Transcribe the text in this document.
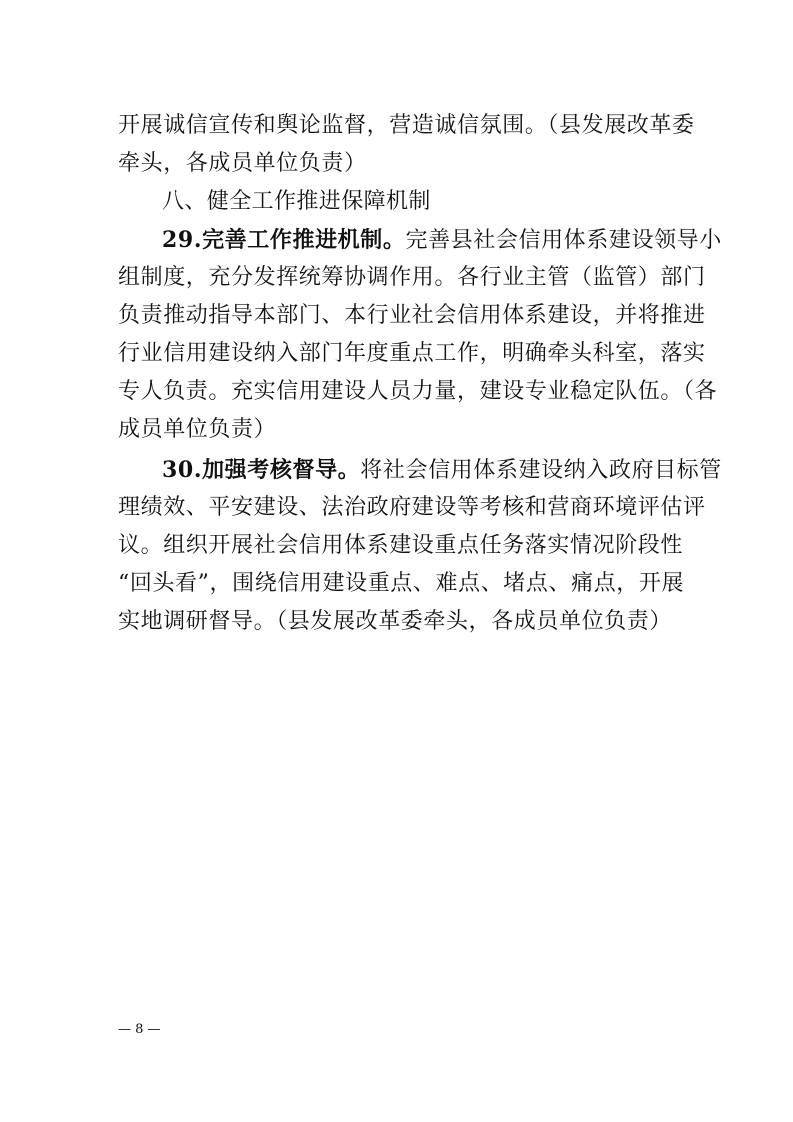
开展诚信宣传和舆论监督，营造诚信氛围。（县发展改革委
牵头，各成员单位负责）
八、健全工作推进保障机制
29.完善工作推进机制。完善县社会信用体系建设领导小
组制度，充分发挥统筹协调作用。各行业主管（监管）部门
负责推动指导本部门、本行业社会信用体系建设，并将推进
行业信用建设纳入部门年度重点工作，明确牵头科室，落实
专人负责。充实信用建设人员力量，建设专业稳定队伍。（各
成员单位负责）
30.加强考核督导。将社会信用体系建设纳入政府目标管
理绩效、平安建设、法治政府建设等考核和营商环境评估评
议。组织开展社会信用体系建设重点任务落实情况阶段性
“回头看”，围绕信用建设重点、难点、堵点、痛点，开展
实地调研督导。（县发展改革委牵头，各成员单位负责）
— 8 —
